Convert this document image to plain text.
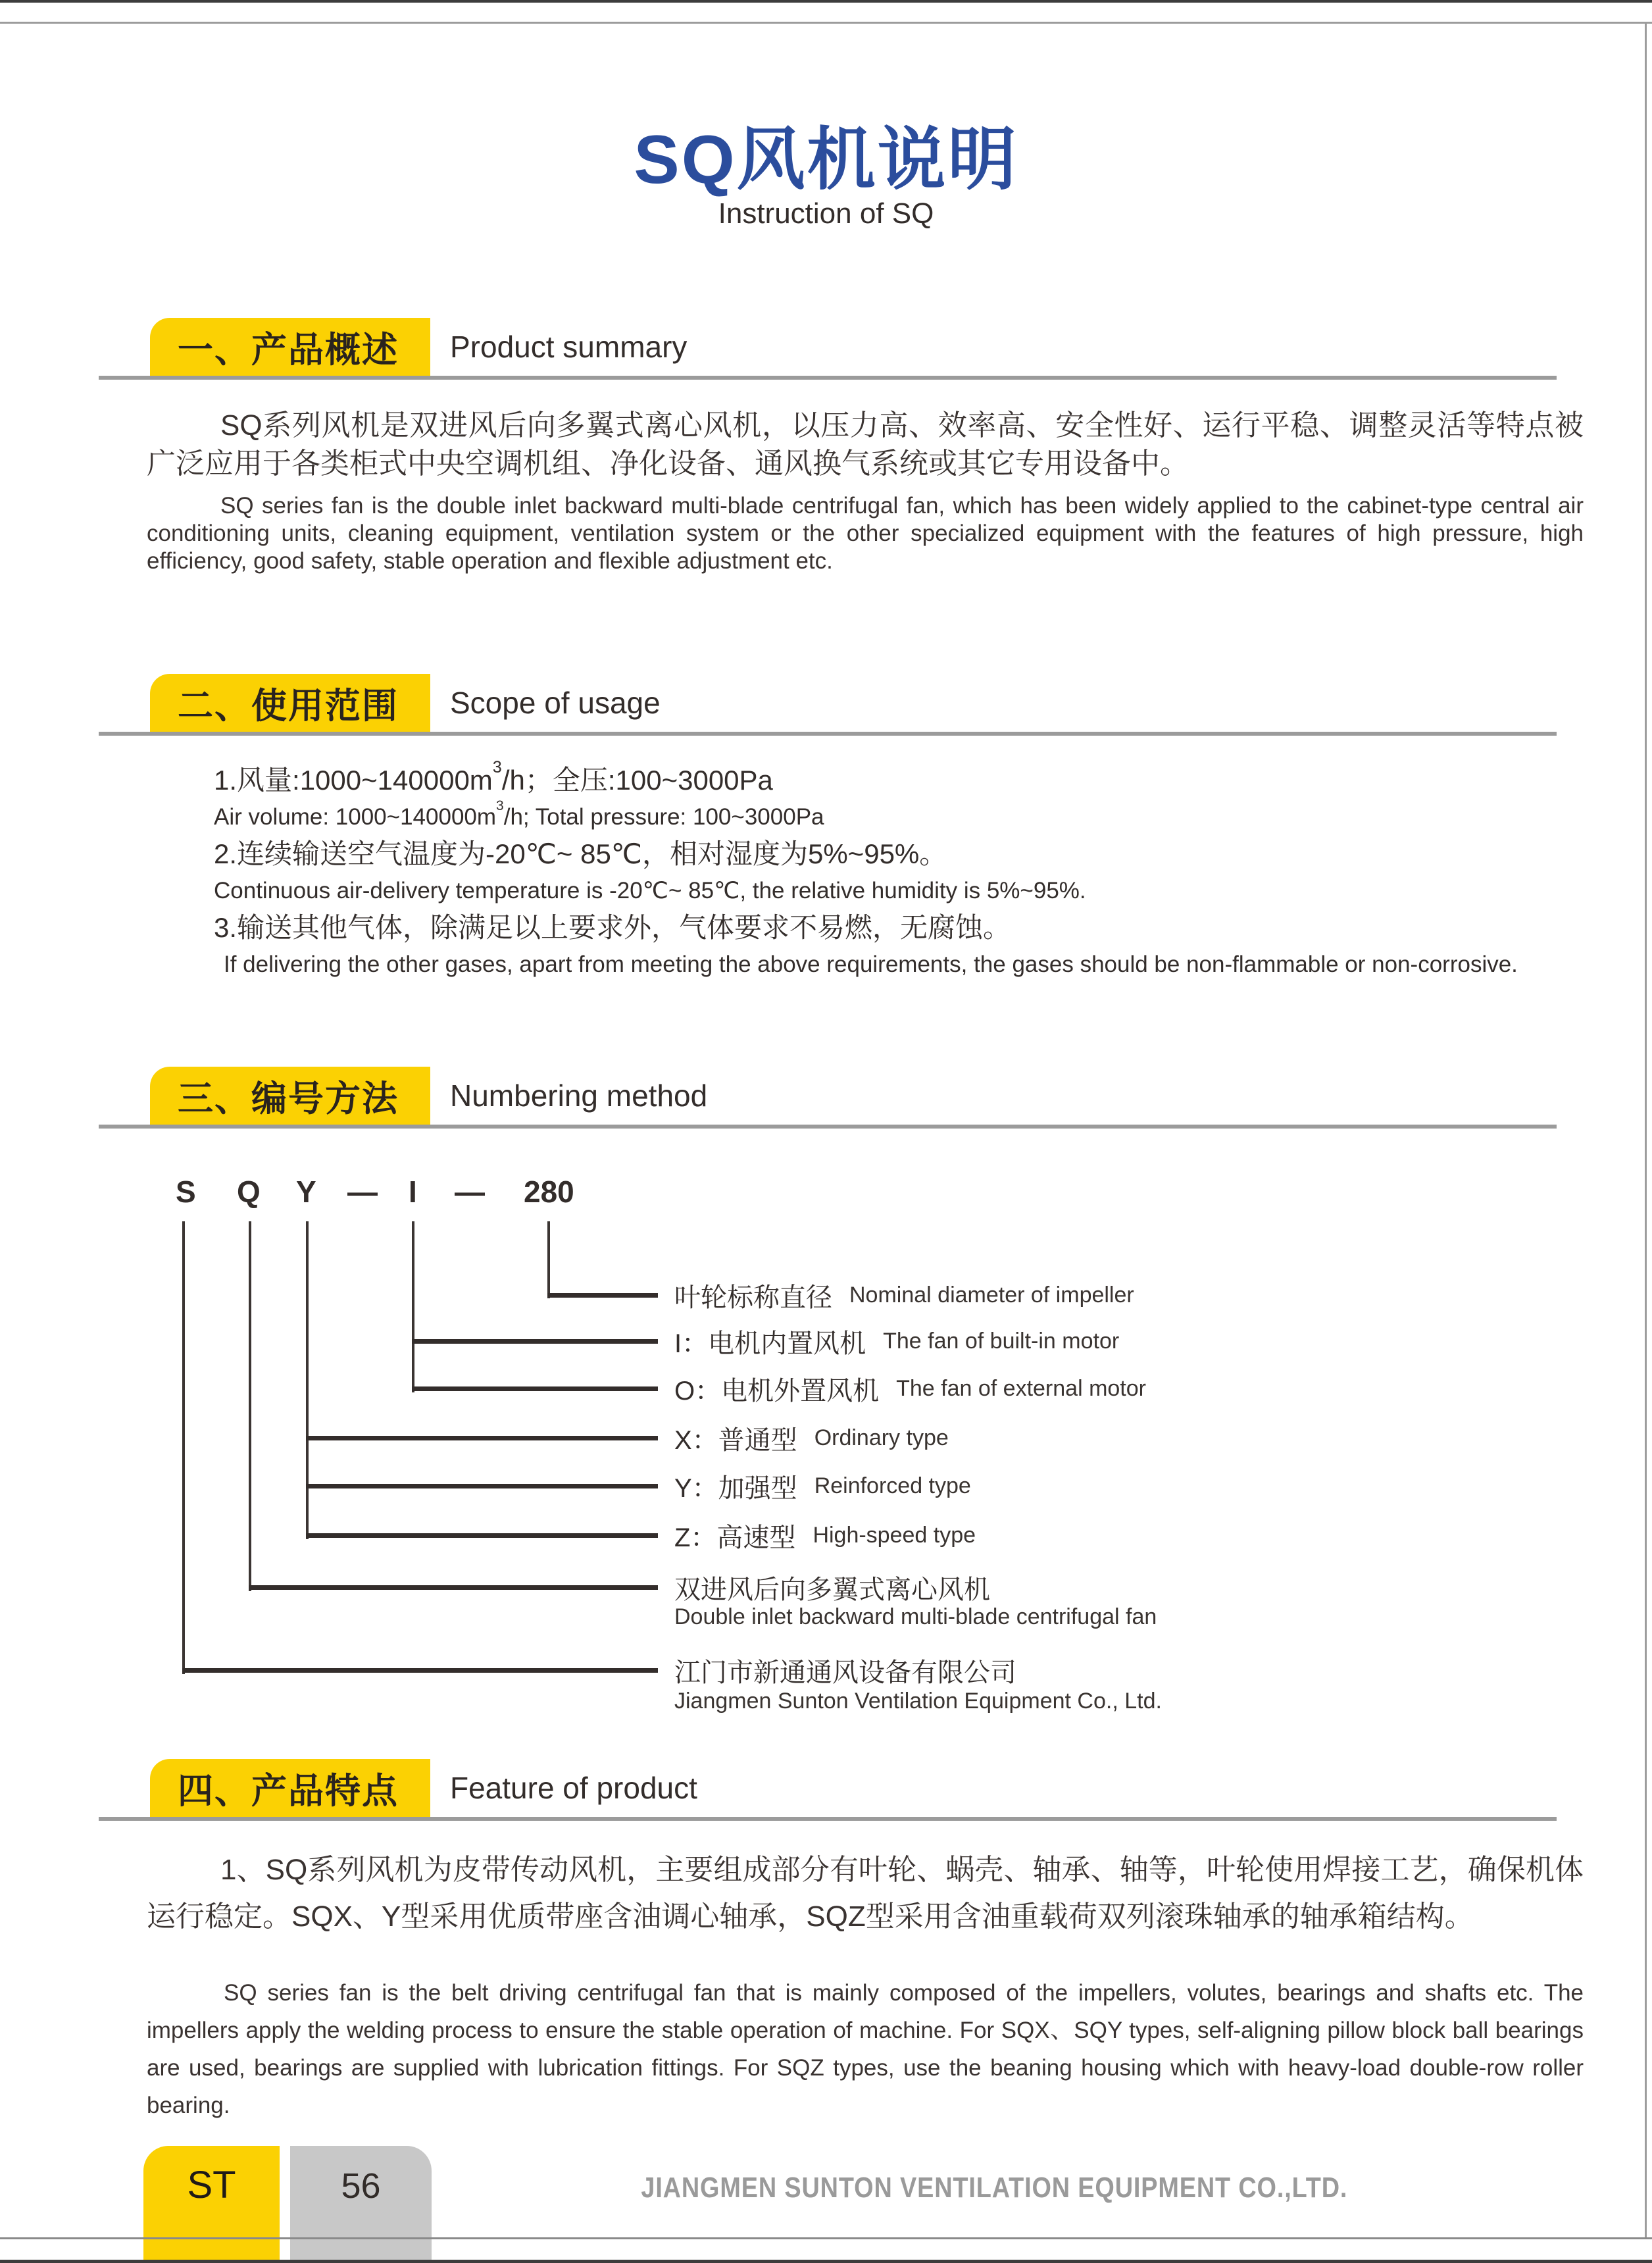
SQ风机说明
Instruction of SQ
一、产品概述	Product summary

SQ系列风机是双进风后向多翼式离心风机，以压力高、效率高、安全性好、运行平稳、调整灵活等特点被广泛应用于各类柜式中央空调机组、净化设备、通风换气系统或其它专用设备中。

SQ series fan is the double inlet backward multi-blade centrifugal fan, which has been widely applied to the cabinet-type central air conditioning units, cleaning equipment, ventilation system or the other specialized equipment with the features of high pressure, high efficiency, good safety, stable operation and flexible adjustment etc.

二、使用范围	Scope of usage
1.风量$:1000\sim 140000m^3/h$；全压:100~3000Pa
Air volume: $1000\sim 140000m^3/h$; Total pressure: 100~3000Pa
2.连续输送空气温度为-20℃~ 85℃，相对湿度为5%~95%。
Continuous air-delivery temperature is -20℃~ 85℃, the relative humidity is 5%~95%.
3.输送其他气体，除满足以上要求外，气体要求不易燃，无腐蚀。
If delivering the other gases, apart from meeting the above requirements, the gases should be non-flammable or non-corrosive.
三、编号方法	Numbering method
S Q Y — I — 280
叶轮标称直径 Nominal diameter of impeller
I：电机内置风机 The fan of built-in motor
O：电机外置风机 The fan of external motor
X：普通型 Ordinary type
Y：加强型 Reinforced type
Z：高速型 High-speed type
双进风后向多翼式离心风机
Double inlet backward multi-blade centrifugal fan
江门市新通通风设备有限公司
Jiangmen Sunton Ventilation Equipment Co., Ltd.
四、产品特点	Feature of product

1、SQ系列风机为皮带传动风机，主要组成部分有叶轮、蜗壳、轴承、轴等，叶轮使用焊接工艺，确保机体运行稳定。SQX、Y型采用优质带座含油调心轴承，SQZ型采用含油重载荷双列滚珠轴承的轴承箱结构。

SQ series fan is the belt driving centrifugal fan that is mainly composed of the impellers, volutes, bearings and shafts etc. The impellers apply the welding process to ensure the stable operation of machine. For SQX、SQY types, self-aligning pillow block ball bearings are used, bearings are supplied with lubrication fittings. For SQZ types, use the beaning housing which with heavy-load double-row roller bearing.

ST	56	JIANGMEN SUNTON VENTILATION EQUIPMENT CO.,LTD.
